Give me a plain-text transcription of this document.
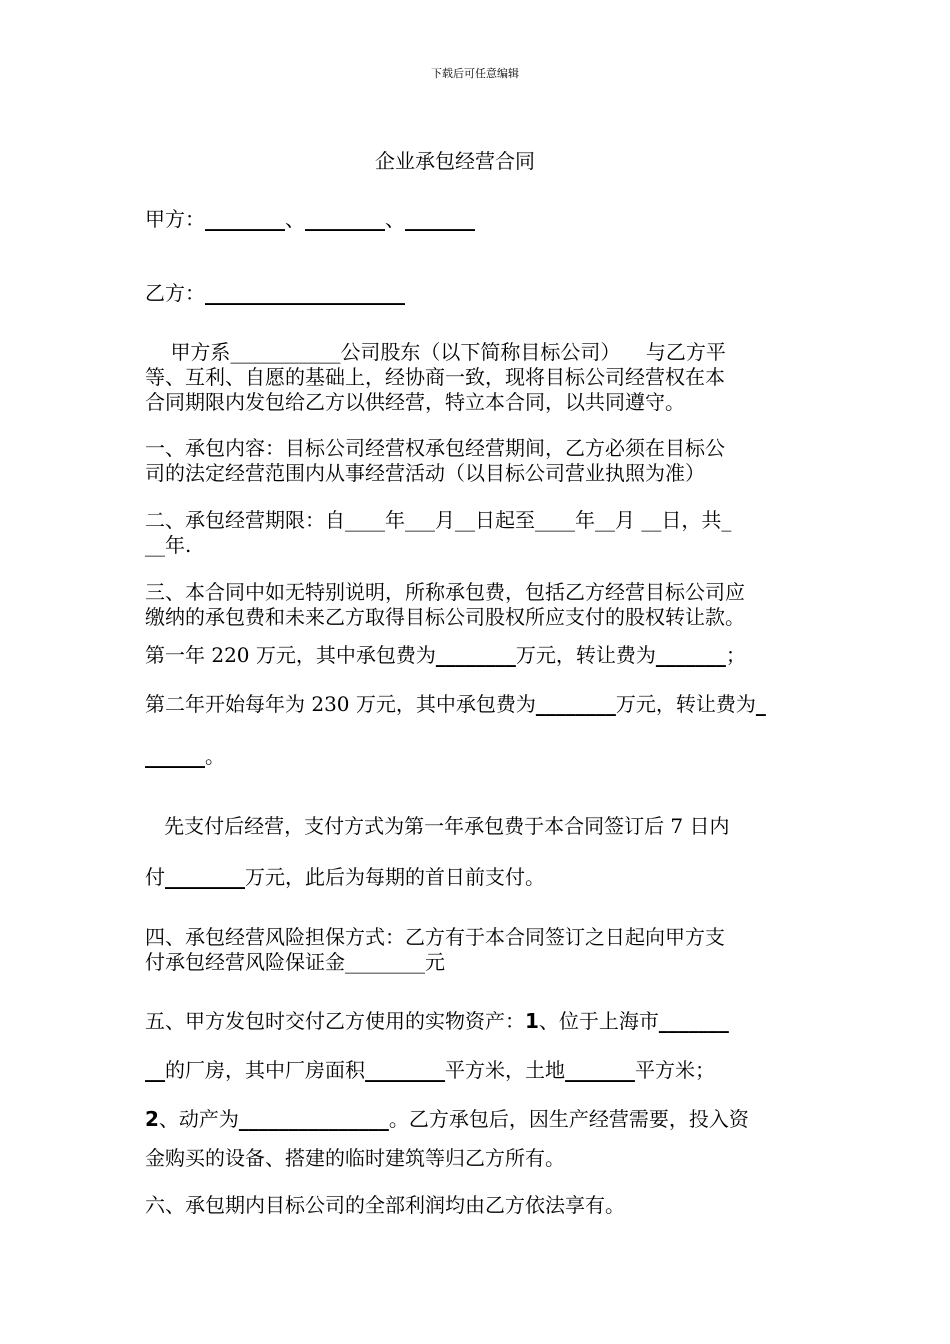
下载后可任意编辑
企业承包经营合同
甲方：________、________、_______
乙方：____________________
甲方系___________公司股东（以下简称目标公司）    与乙方平
等、互利、自愿的基础上，经协商一致，现将目标公司经营权在本
合同期限内发包给乙方以供经营，特立本合同，以共同遵守。
一、承包内容：目标公司经营权承包经营期间，乙方必须在目标公
司的法定经营范围内从事经营活动（以目标公司营业执照为准）
二、承包经营期限：自____年___月__日起至____年__月 __日，共_
__年.
三、本合同中如无特别说明，所称承包费，包括乙方经营目标公司应
缴纳的承包费和未来乙方取得目标公司股权所应支付的股权转让款。
第一年 220 万元，其中承包费为________万元，转让费为_______；
第二年开始每年为 230 万元，其中承包费为________万元，转让费为_
______。
先支付后经营，支付方式为第一年承包费于本合同签订后 7 日内
付________万元，此后为每期的首日前支付。
四、承包经营风险担保方式：乙方有于本合同签订之日起向甲方支
付承包经营风险保证金________元
五、甲方发包时交付乙方使用的实物资产：1、位于上海市_______
__的厂房，其中厂房面积________平方米，土地_______平方米；
2、动产为_______________。乙方承包后，因生产经营需要，投入资
金购买的设备、搭建的临时建筑等归乙方所有。
六、承包期内目标公司的全部利润均由乙方依法享有。
